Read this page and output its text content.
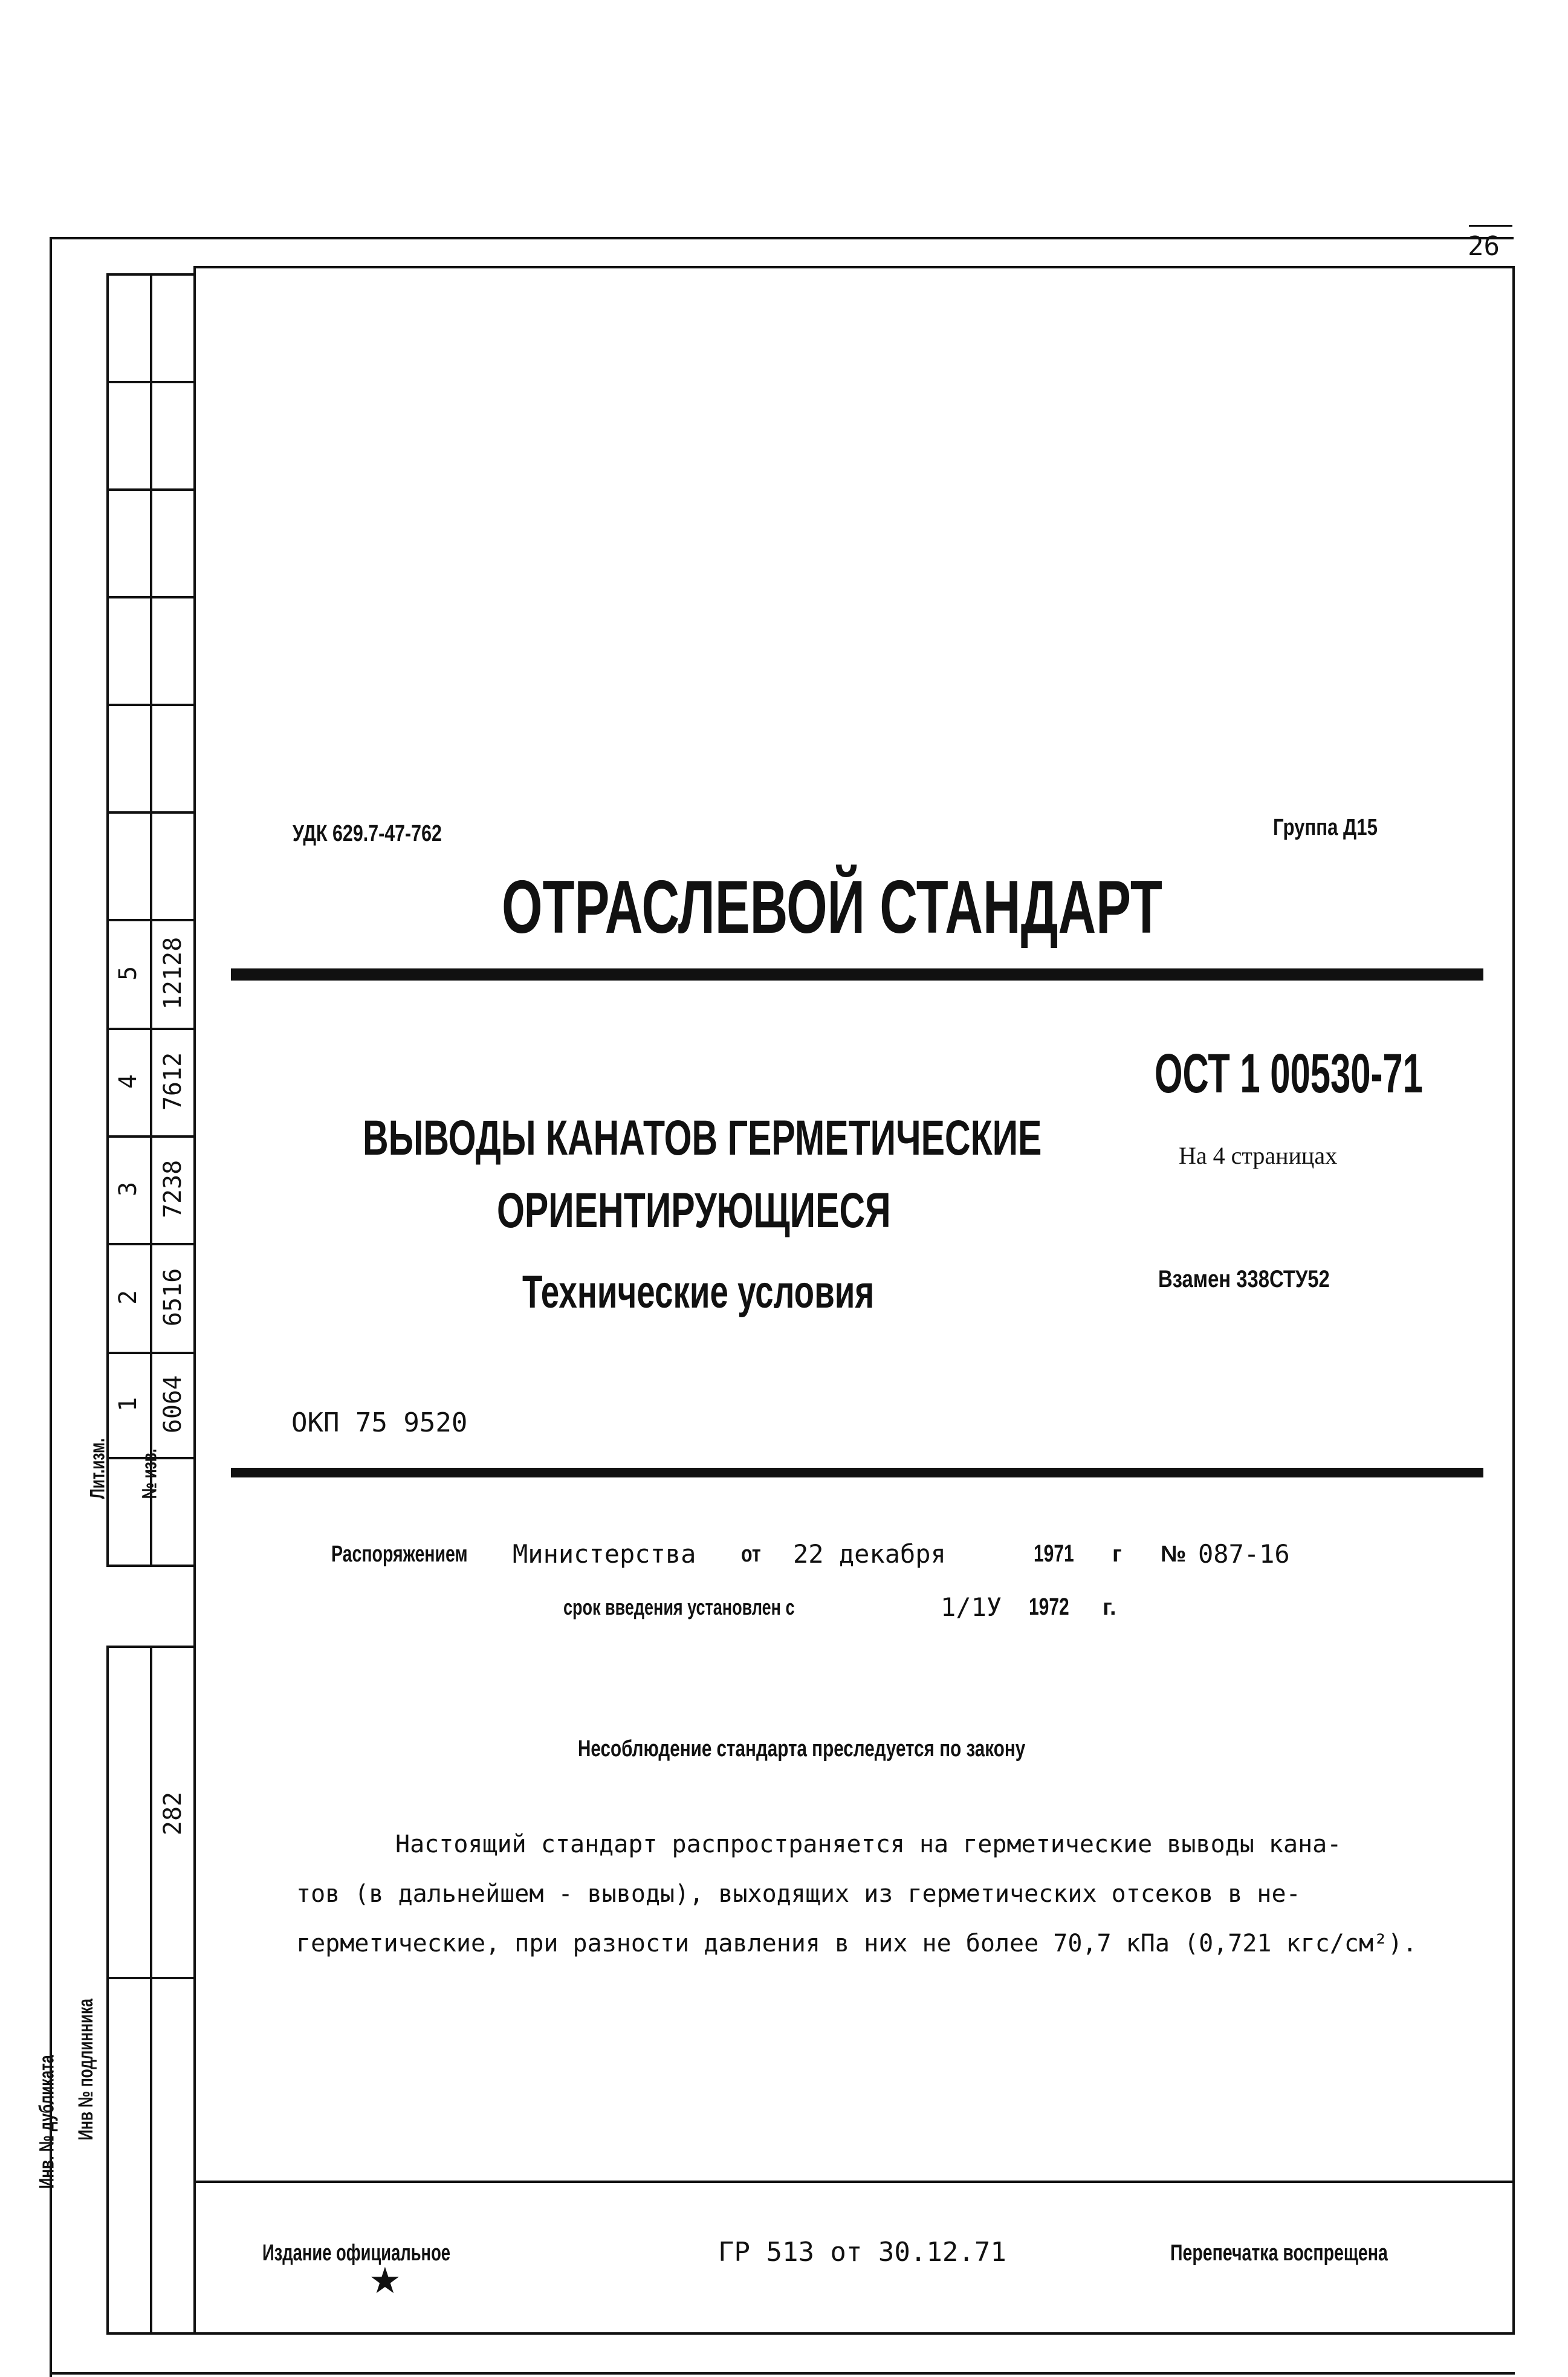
5 12128
4 7612
3 7238
2 6516
1 6064
Лит.изм. № изв.
282
Инв. № дубликата Инв № подлинника
26
УДК 629.7-47-762	Группа Д15
ОТРАСЛЕВОЙ СТАНДАРТ
ОСТ 1 00530-71
ВЫВОДЫ КАНАТОВ ГЕРМЕТИЧЕСКИЕ
ОРИЕНТИРУЮЩИЕСЯ
Технические условия
На 4 страницах
Взамен 338СТУ52
ОКП 75 9520
Распоряжением Министерства от 22 декабря	1971 г № 087-16
срок введения установлен с	1/1У 1972 г.
Несоблюдение стандарта преследуется по закону
Настоящий стандарт распространяется на герметические выводы кана-
тов (в дальнейшем - выводы), выходящих из герметических отсеков в не-
герметические, при разности давления в них не более 70,7 кПа (0,721 кгс/см²).
Издание официальное
★
ГР 513 от 30.12.71	Перепечатка воспрещена
